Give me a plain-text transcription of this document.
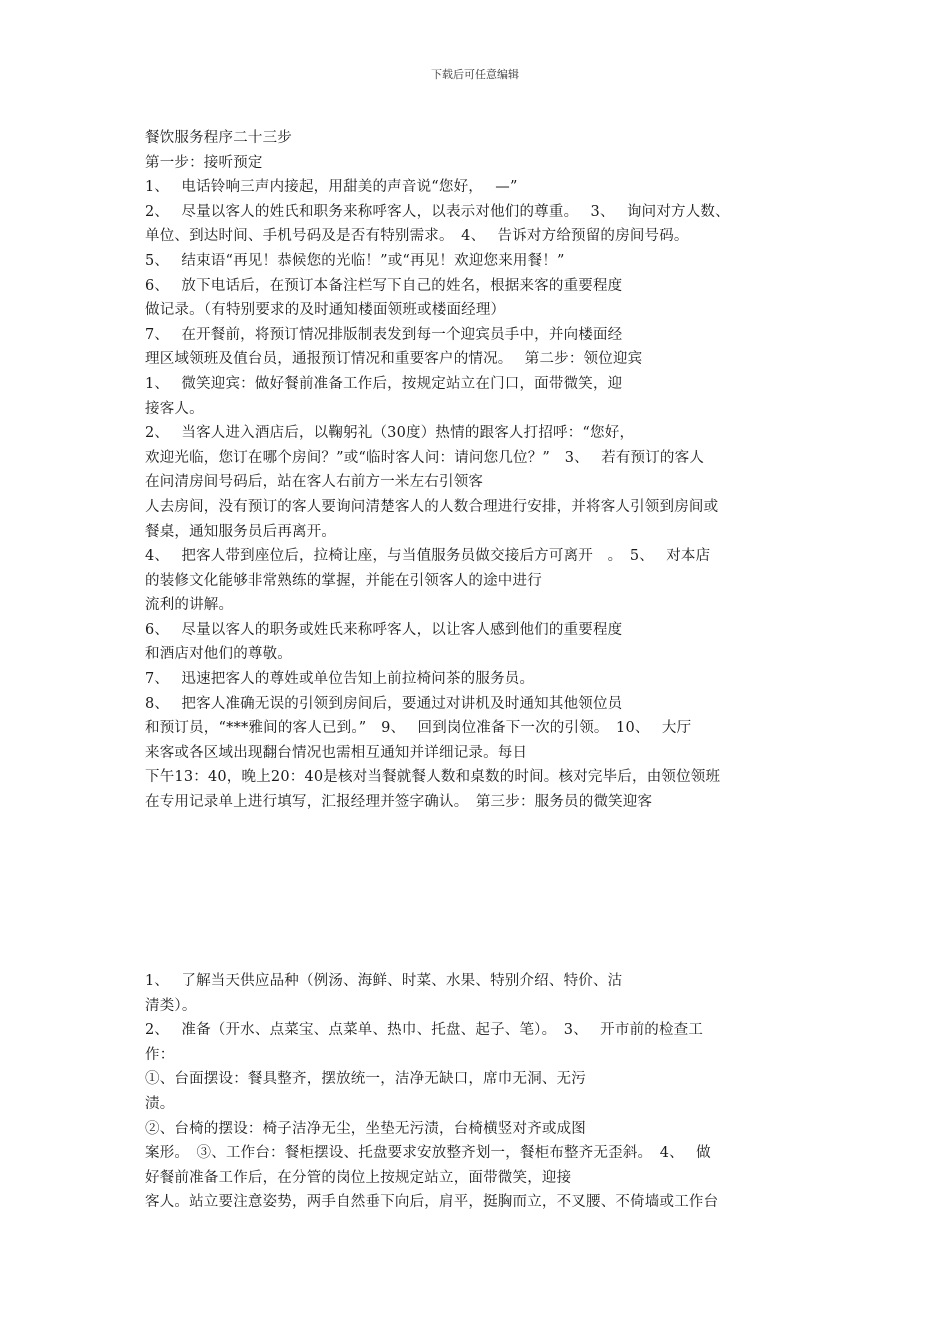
下载后可任意编辑
餐饮服务程序二十三步
第一步：接听预定
1、　 电话铃响三声内接起，用甜美的声音说“您好，　 —”
2、　 尽量以客人的姓氏和职务来称呼客人，以表示对他们的尊重。　 3、　 询问对方人数、
单位、到达时间、手机号码及是否有特别需求。　4、　 告诉对方给预留的房间号码。
5、　 结束语“再见！恭候您的光临！”或“再见！欢迎您来用餐！”
6、　 放下电话后，在预订本备注栏写下自己的姓名，根据来客的重要程度
做记录。（有特别要求的及时通知楼面领班或楼面经理）
7、　 在开餐前，将预订情况排版制表发到每一个迎宾员手中，并向楼面经
理区域领班及值台员，通报预订情况和重要客户的情况。　 第二步：领位迎宾
1、　 微笑迎宾：做好餐前准备工作后，按规定站立在门口，面带微笑，迎
接客人。
2、　 当客人进入酒店后，以鞠躬礼（30度）热情的跟客人打招呼：“您好，
欢迎光临，您订在哪个房间？”或“临时客人问：请问您几位？”　3、　 若有预订的客人
在问清房间号码后，站在客人右前方一米左右引领客
人去房间，没有预订的客人要询问清楚客人的人数合理进行安排，并将客人引领到房间或
餐桌，通知服务员后再离开。
4、　 把客人带到座位后，拉椅让座，与当值服务员做交接后方可离开　。　5、　 对本店
的装修文化能够非常熟练的掌握，并能在引领客人的途中进行
流利的讲解。
6、　 尽量以客人的职务或姓氏来称呼客人，以让客人感到他们的重要程度
和酒店对他们的尊敬。
7、　 迅速把客人的尊姓或单位告知上前拉椅问茶的服务员。
8、　 把客人准确无误的引领到房间后，要通过对讲机及时通知其他领位员
和预订员，“***雅间的客人已到。”　9、　 回到岗位准备下一次的引领。　10、　 大厅
来客或各区域出现翻台情况也需相互通知并详细记录。每日
下午13：40，晚上20：40是核对当餐就餐人数和桌数的时间。核对完毕后，由领位领班
在专用记录单上进行填写，汇报经理并签字确认。　第三步：服务员的微笑迎客
1、　 了解当天供应品种（例汤、海鲜、时菜、水果、特别介绍、特价、沽
清类）。
2、　 准备（开水、点菜宝、点菜单、热巾、托盘、起子、笔）。　3、　 开市前的检查工
作：
①、台面摆设：餐具整齐，摆放统一，洁净无缺口，席巾无洞、无污
渍。
②、台椅的摆设：椅子洁净无尘，坐垫无污渍，台椅横竖对齐或成图
案形。　③、工作台：餐柜摆设、托盘要求安放整齐划一，餐柜布整齐无歪斜。　4、　 做
好餐前准备工作后，在分管的岗位上按规定站立，面带微笑，迎接
客人。站立要注意姿势，两手自然垂下向后，肩平，挺胸而立，不叉腰、不倚墙或工作台
